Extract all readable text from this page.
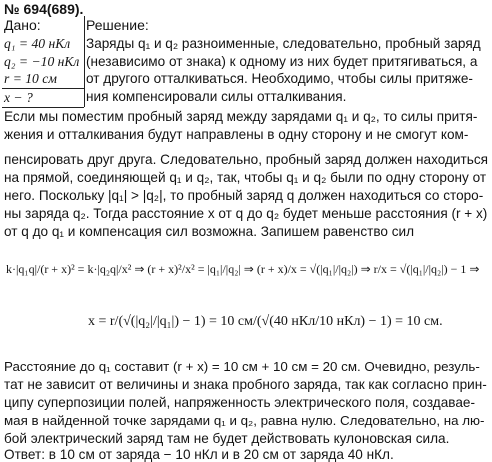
№ 694(689).
Дано:
q₁ = 40 нКл
q₂ = −10 нКл
r = 10 см
x − ?
Решение:
Заряды q₁ и q₂ разноименные, следовательно, пробный заряд
(независимо от знака) к одному из них будет притягиваться, а
от другого отталкиваться. Необходимо, чтобы силы притяже-
ния компенсировали силы отталкивания.
Если мы поместим пробный заряд между зарядами q₁ и q₂, то силы притя-
жения и отталкивания будут направлены в одну сторону и не смогут ком-
пенсировать друг друга. Следовательно, пробный заряд должен находиться
на прямой, соединяющей q₁ и q₂, так, чтобы q₁ и q₂ были по одну сторону от
него. Поскольку |q₁| > |q₂|, то пробный заряд q должен находиться со сторо-
ны заряда q₂. Тогда расстояние x от q до q₂ будет меньше расстояния (r + x)
от q до q₁ и компенсация сил возможна. Запишем равенство сил
k·|q₁q|/(r + x)² = k·|q₂q|/x² ⇒ (r + x)²/x² = |q₁|/|q₂| ⇒ (r + x)/x = √(|q₁|/|q₂|) ⇒ r/x = √(|q₁|/|q₂|) − 1 ⇒
x = r/(√(|q₂|/|q₁|) − 1) = 10 см/(√(40 нКл/10 нКл) − 1) = 10 см.
Расстояние до q₁ составит (r + x) = 10 см + 10 см = 20 см. Очевидно, резуль-
тат не зависит от величины и знака пробного заряда, так как согласно прин-
ципу суперпозиции полей, напряженность электрического поля, создавае-
мая в найденной точке зарядами q₁ и q₂, равна нулю. Следовательно, на лю-
бой электрический заряд там не будет действовать кулоновская сила.
Ответ: в 10 см от заряда − 10 нКл и в 20 см от заряда 40 нКл.
